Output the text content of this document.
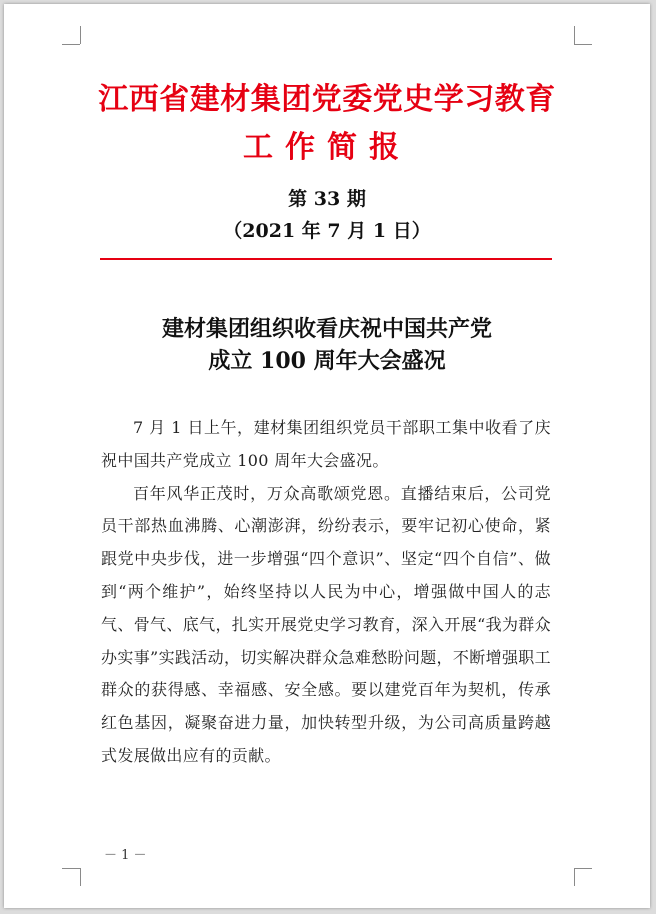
江西省建材集团党委党史学习教育
工作简报
第 33 期
（2021 年 7 月 1 日）
建材集团组织收看庆祝中国共产党
成立 100 周年大会盛况

7 月 1 日上午，建材集团组织党员干部职工集中收看了庆祝中国共产党成立 100 周年大会盛况。

百年风华正茂时，万众高歌颂党恩。直播结束后，公司党员干部热血沸腾、心潮澎湃，纷纷表示，要牢记初心使命，紧跟党中央步伐，进一步增强“四个意识”、坚定“四个自信”、做到“两个维护”，始终坚持以人民为中心，增强做中国人的志气、骨气、底气，扎实开展党史学习教育，深入开展“我为群众办实事”实践活动，切实解决群众急难愁盼问题，不断增强职工群众的获得感、幸福感、安全感。要以建党百年为契机，传承红色基因，凝聚奋进力量，加快转型升级，为公司高质量跨越式发展做出应有的贡献。

－ 1 －
